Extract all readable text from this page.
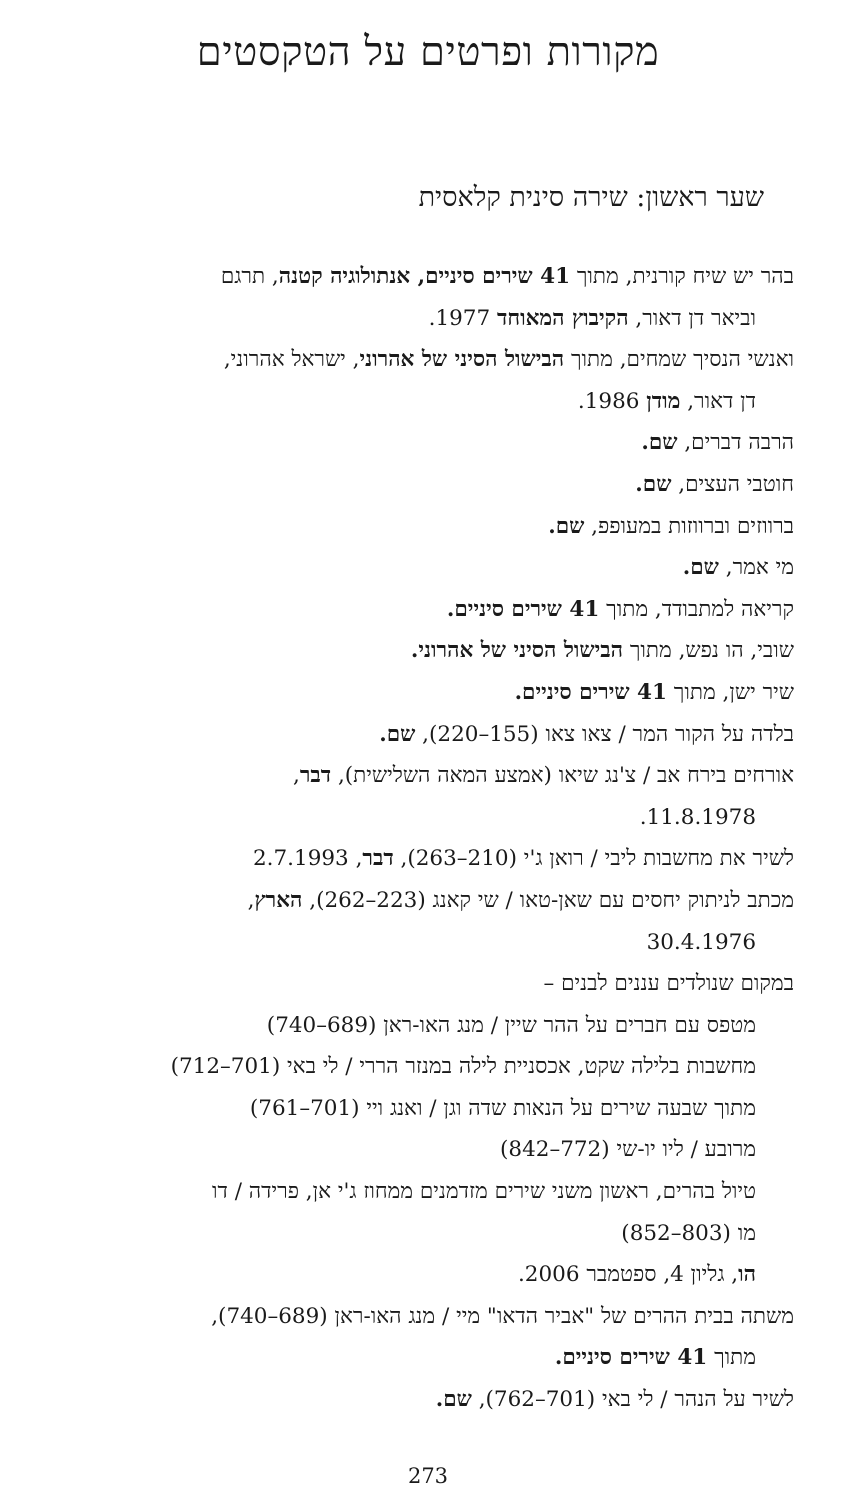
מקורות ופרטים על הטקסטים
שער ראשון: שירה סינית קלאסית
בהר יש שיח קורנית, מתוך 41 שירים סיניים, אנתולוגיה קטנה, תרגם
וביאר דן דאור, הקיבוץ המאוחד 1977.
ואנשי הנסיך שמחים, מתוך הבישול הסיני של אהרוני, ישראל אהרוני,
דן דאור, מודן 1986.
הרבה דברים, שם.
חוטבי העצים, שם.
ברווזים וברווזות במעופפ, שם.
מי אמר, שם.
קריאה למתבודד, מתוך 41 שירים סיניים.
שובי, הו נפש, מתוך הבישול הסיני של אהרוני.
שיר ישן, מתוך 41 שירים סיניים.
בלדה על הקור המר / צאו צאו (155–220), שם.
אורחים בירח אב / צ'נג שיאו (אמצע המאה השלישית), דבר,
11.8.1978.
לשיר את מחשבות ליבי / רואן ג'י (210–263), דבר, 2.7.1993
מכתב לניתוק יחסים עם שאן-טאו / שי קאנג (223–262), הארץ,
30.4.1976
במקום שנולדים עננים לבנים –
מטפס עם חברים על ההר שיין / מנג האו-ראן (689–740)
מחשבות בלילה שקט, אכסניית לילה במנזר הררי / לי באי (701–712)
מתוך שבעה שירים על הנאות שדה וגן / ואנג ויי (701–761)
מרובע / ליו יו-שי (772–842)
טיול בהרים, ראשון משני שירים מזדמנים ממחוז ג'י אן, פרידה / דו
מו (803–852)
הו, גליון 4, ספטמבר 2006.
משתה בבית ההרים של "אביר הדאו" מיי / מנג האו-ראן (689–740),
מתוך 41 שירים סיניים.
לשיר על הנהר / לי באי (701–762), שם.
273
